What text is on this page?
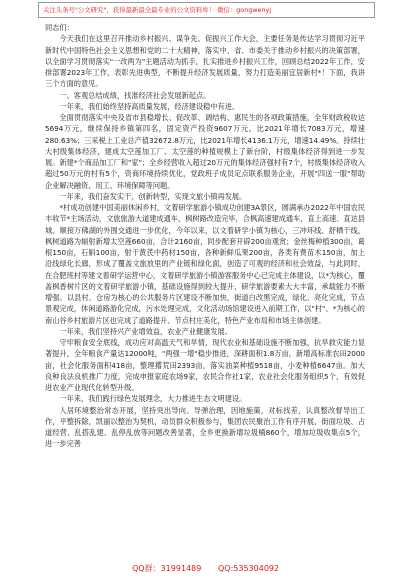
关注头条号"公文研究"，获得最新最全最专业的公文资料库！ 微信：gongwenyj

同志们：

今天我们在这里召开推动乡村振兴、谋争先、促振兴工作大会，主要任务是传达学习贯彻习近平新时代中国特色社会主义思想和党的二十大精神，落实中、省、市委关于推动乡村振兴的决策部署，以全面学习贯彻落实"一改两为"主题活动为抓手，扎实推进乡村振兴工作，回顾总结2022年工作，安排部署2023年工作，表彰先进典型，不断提升经济发展质量，努力打造美丽宜居新村*！下面，我讲三个方面的意见。

一、客观总结成绩，找准经济社会发展新起点。

一年来，我们始终坚持高质量发展，经济建设稳中有进。

全面贯彻落实中央及省市县稳增长、促改革、调结构、惠民生的各项政策措施，全年财政税收达5694万元，继续保持乡镇第四名，固定资产投资9607万元，比2021年增长7083万元，增速280.63%；三采税上工业总产值32672.8万元，比2021年增长4136.1万元，增速14.49%。持续壮大村级集体经济，建成太空莲加工厂、太空莲的种植规模上了新台阶，村级集体经济得到进一步发展。新建*个商品加工厂和"家"；全乡经营收入超过20万元的集体经济强村有7个，村级集体经济收入超过50万元的村有5个，资商环境持续优化，党政班子成员定点联系服务企业，开展"四送一服"帮助企业解决融资、用工、环境保障等问题。

一年来，我们奋发实干、创新转型，实现文旅小镇再发展。

*村成功创建中国美丽休闲乡村，文着研学旅游小镇成功创建3A景区，圆满承办2022年中国农民丰收节*主场活动，文旅旅游大道建成通车，枫树路改造完毕，合枫高速建成通车，直上高速、直达县城、顺接万佛湖的外围交通进一步优化，今年以来，以文着研学小镇为核心，三冲环线、舒栖干线，枫树道路为辐射新增太空莲660亩，合计2160亩，同步配套开辟200亩观赏；金丝梅种植300亩，葛根150亩，石斛100亩，射干黄芪中药材150亩，各种新鲜瓜果200亩，各类有费苗木150亩，加上沿线绿化长廊，形成了覆盖文旅放里的产业链和绿化面，创造了可观的经济和社会效益，与此同时，在合肥班村等建文着研学运营中心，文着研学旅游小镇游客服务中心已完成主体建设，以*为核心，覆盖枫香树片区的文着研学旅游小镇，基础设施得到较大提升，研学旅游要素大大丰富，承载能力不断增强。以县村、仓房为核心的公共服务片区建设不断加快，街道白改黑完成，绿化、亮化完成，节点景观完成，休闲道路游化完成，污水处理完成，文化活动场馆建设进入前期工作，以"村"、*为核心的南山谷乡村旅游片区也完成了道路提升、节点村庄美化，特色产业布局和市场主体创建。

一年来，我们坚持兴产业增效益，农业产业健康发展。

守牢粮食安全底线，成功应对高温天气和旱情，现代农业和基础设施不断加强，抗旱救灾能力显著提升，全年粮食产量达12000吨，"两强一增"稳步推进，深耕面积1.8万亩，新增高标准农田2000亩，社会化服务面积418亩，整理撂荒田2393亩，落实油菜种植9518亩，小麦种植6647亩。加大良种良法良机推广力度，完成申报家庭农场9家，农民合作社1家，农业社会化服务组织5个，有效促进农业产业现代化转型升级。

一年来，我们践行绿色发展理念，大力推进生态文明建设。

人居环境整治常态开展，坚持突出导向、导弹治理，因地施策，对标找差，认真整改督导出工作，平整拆除，凯丽以整治为契机，动员群众积极参与，集团农民聚治工作有序开展，街面垃圾、占道经营、乱搭乱建、乱停乱放等问题改善显著，全乡更换新增垃圾桶860个，增加垃圾收集点5个，进一步完善

QQ群：31991489 QQ:535304092
